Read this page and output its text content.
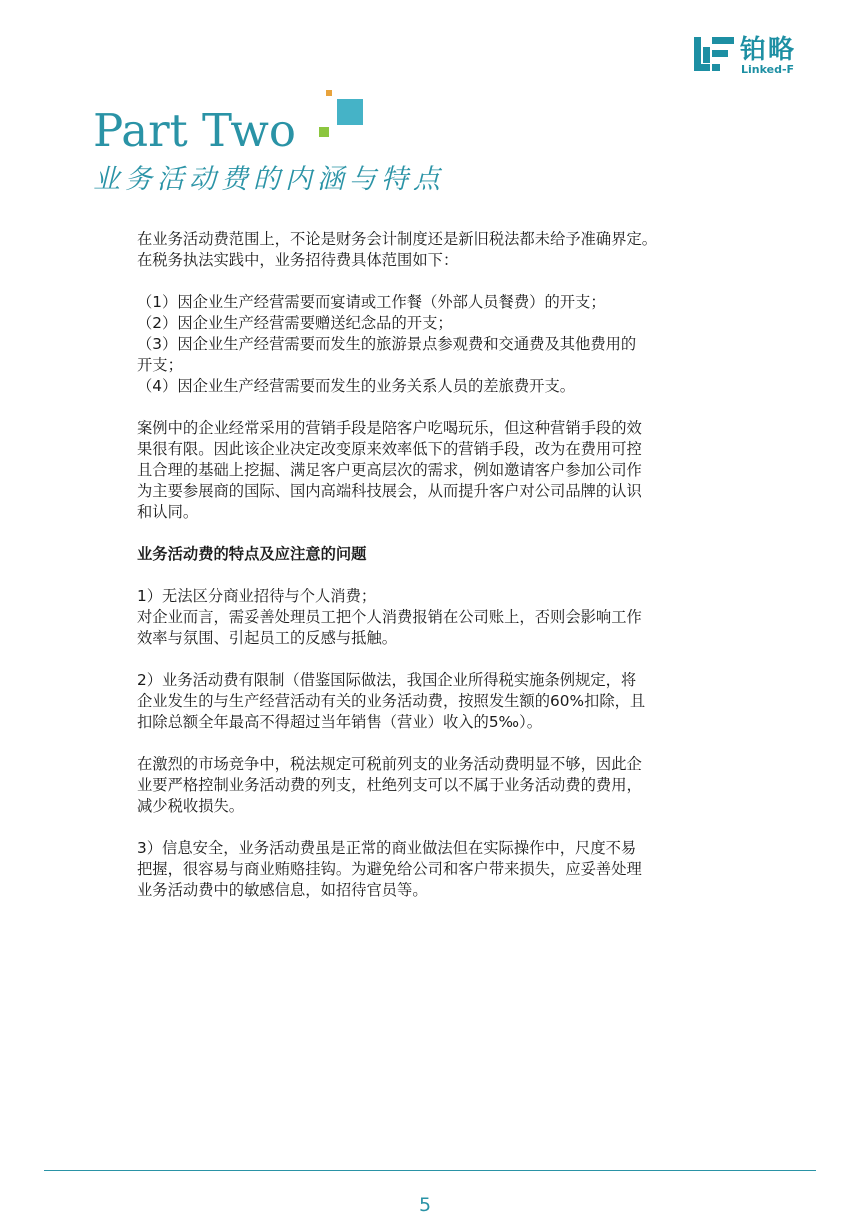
铂略
Linked-F
Part Two
业务活动费的内涵与特点

在业务活动费范围上，不论是财务会计制度还是新旧税法都未给予准确界定。

在税务执法实践中，业务招待费具体范围如下：

（1）因企业生产经营需要而宴请或工作餐（外部人员餐费）的开支；

（2）因企业生产经营需要赠送纪念品的开支；

（3）因企业生产经营需要而发生的旅游景点参观费和交通费及其他费用的

开支；

（4）因企业生产经营需要而发生的业务关系人员的差旅费开支。

案例中的企业经常采用的营销手段是陪客户吃喝玩乐，但这种营销手段的效

果很有限。因此该企业决定改变原来效率低下的营销手段，改为在费用可控

且合理的基础上挖掘、满足客户更高层次的需求，例如邀请客户参加公司作

为主要参展商的国际、国内高端科技展会，从而提升客户对公司品牌的认识

和认同。

业务活动费的特点及应注意的问题

1）无法区分商业招待与个人消费；

对企业而言，需妥善处理员工把个人消费报销在公司账上，否则会影响工作

效率与氛围、引起员工的反感与抵触。

2）业务活动费有限制（借鉴国际做法，我国企业所得税实施条例规定，将

企业发生的与生产经营活动有关的业务活动费，按照发生额的60%扣除，且

扣除总额全年最高不得超过当年销售（营业）收入的5‰）。

在激烈的市场竞争中，税法规定可税前列支的业务活动费明显不够，因此企

业要严格控制业务活动费的列支，杜绝列支可以不属于业务活动费的费用，

减少税收损失。

3）信息安全，业务活动费虽是正常的商业做法但在实际操作中，尺度不易

把握，很容易与商业贿赂挂钩。为避免给公司和客户带来损失，应妥善处理

业务活动费中的敏感信息，如招待官员等。

5
